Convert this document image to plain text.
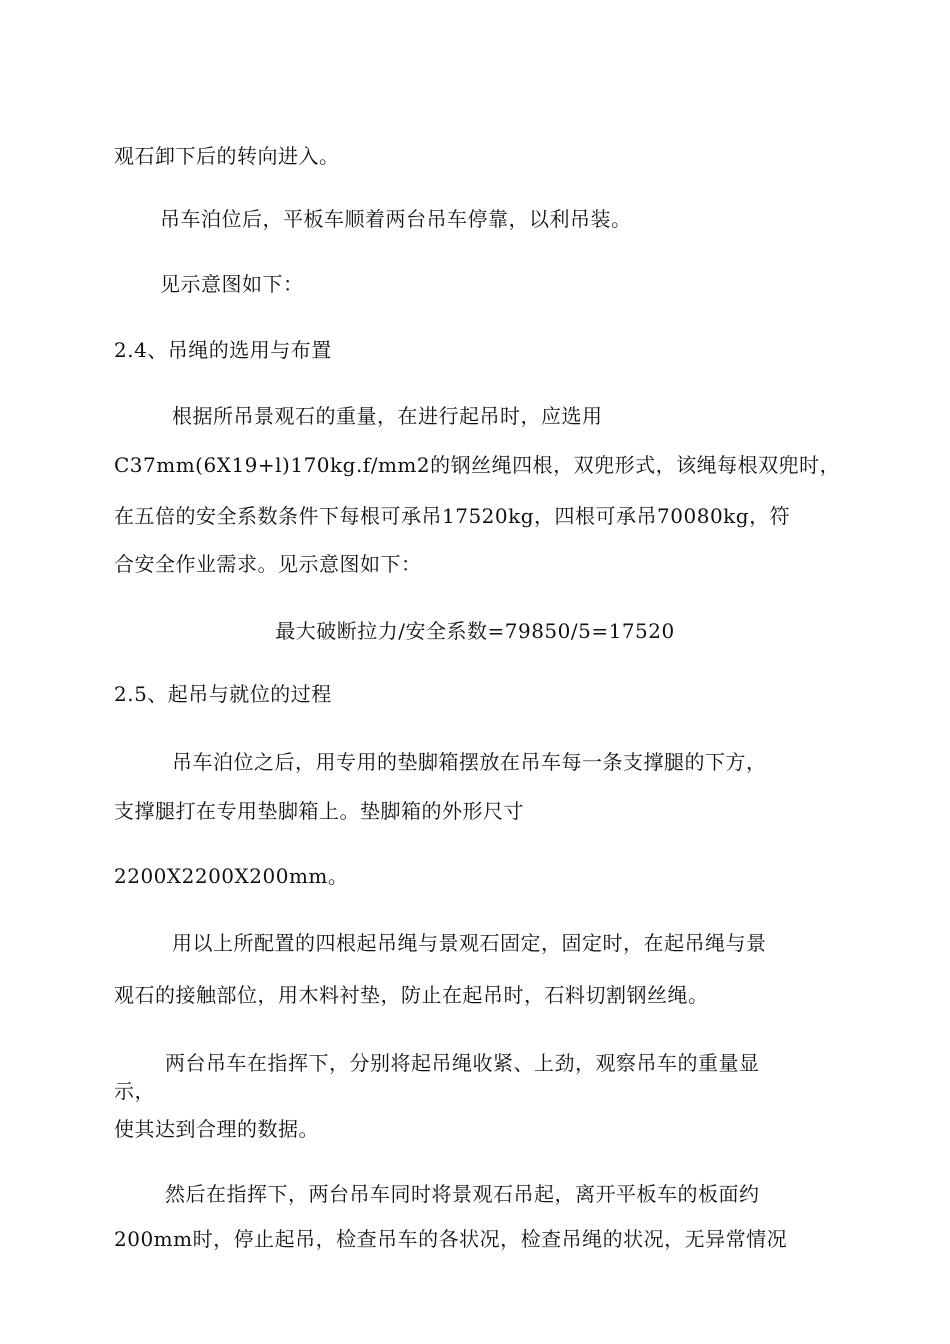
观石卸下后的转向进入。
吊车泊位后，平板车顺着两台吊车停靠，以利吊装。
见示意图如下：
2.4、吊绳的选用与布置
根据所吊景观石的重量，在进行起吊时，应选用
C37mm(6X19+l)170kg.f/mm2的钢丝绳四根，双兜形式，该绳每根双兜时，
在五倍的安全系数条件下每根可承吊17520kg，四根可承吊70080kg，符
合安全作业需求。见示意图如下：
最大破断拉力/安全系数=79850/5=17520
2.5、起吊与就位的过程
吊车泊位之后，用专用的垫脚箱摆放在吊车每一条支撑腿的下方，
支撑腿打在专用垫脚箱上。垫脚箱的外形尺寸
2200X2200X200mm。
用以上所配置的四根起吊绳与景观石固定，固定时，在起吊绳与景
观石的接触部位，用木料衬垫，防止在起吊时，石料切割钢丝绳。
两台吊车在指挥下，分别将起吊绳收紧、上劲，观察吊车的重量显
示，
使其达到合理的数据。
然后在指挥下，两台吊车同时将景观石吊起，离开平板车的板面约
200mm时，停止起吊，检查吊车的各状况，检查吊绳的状况，无异常情况
